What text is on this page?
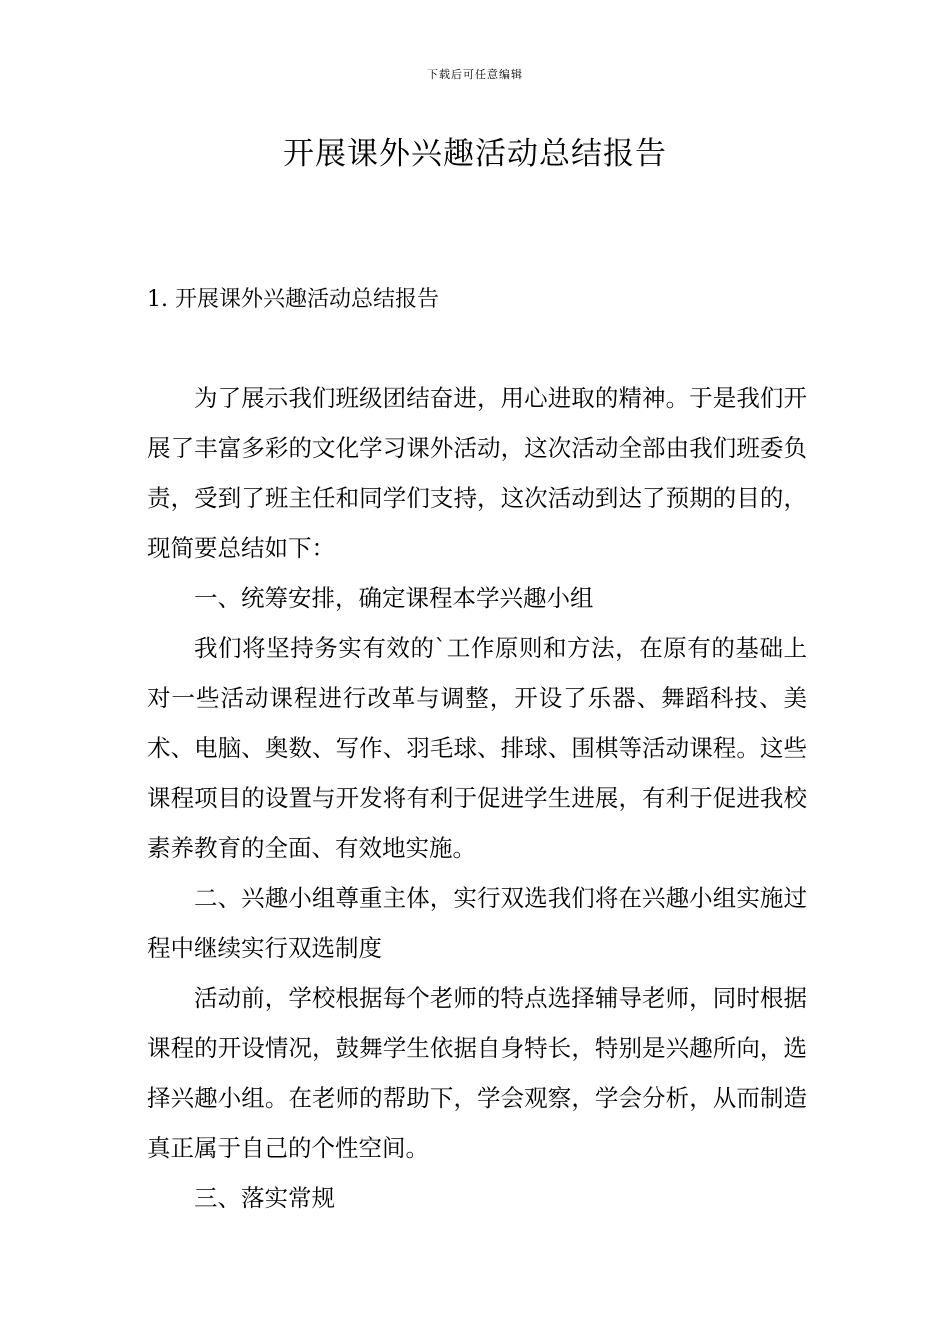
下载后可任意编辑
开展课外兴趣活动总结报告
1. 开展课外兴趣活动总结报告

为了展示我们班级团结奋进，用心进取的精神。于是我们开展了丰富多彩的文化学习课外活动，这次活动全部由我们班委负责，受到了班主任和同学们支持，这次活动到达了预期的目的，现简要总结如下：

一、统筹安排，确定课程本学兴趣小组

我们将坚持务实有效的`工作原则和方法，在原有的基础上对一些活动课程进行改革与调整，开设了乐器、舞蹈科技、美术、电脑、奥数、写作、羽毛球、排球、围棋等活动课程。这些课程项目的设置与开发将有利于促进学生进展，有利于促进我校素养教育的全面、有效地实施。

二、兴趣小组尊重主体，实行双选我们将在兴趣小组实施过程中继续实行双选制度

活动前，学校根据每个老师的特点选择辅导老师，同时根据课程的开设情况，鼓舞学生依据自身特长，特别是兴趣所向，选择兴趣小组。在老师的帮助下，学会观察，学会分析，从而制造真正属于自己的个性空间。

三、落实常规
